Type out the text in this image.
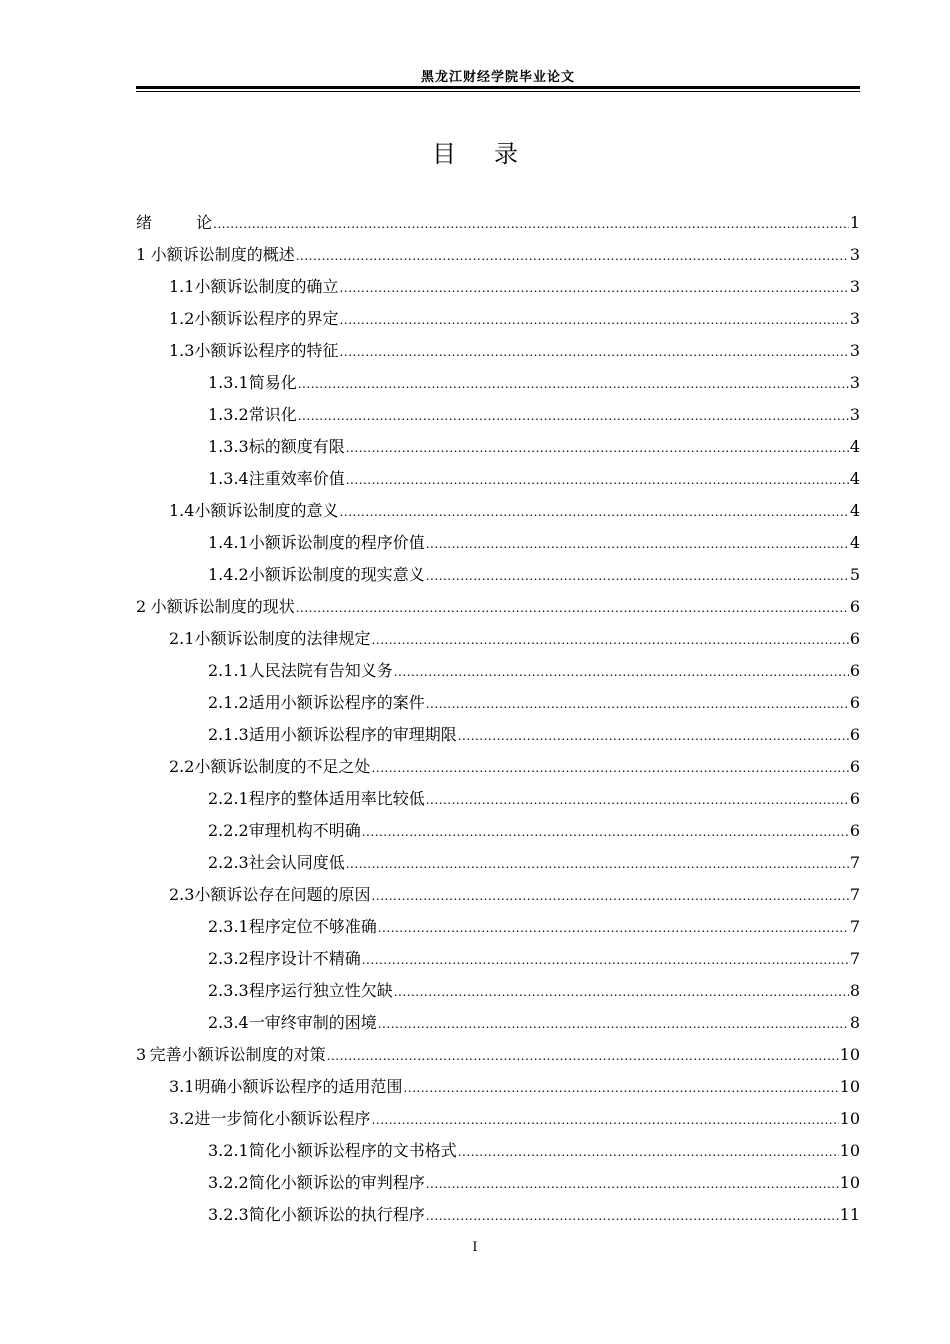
黑龙江财经学院毕业论文
目录
绪	论 .....	1
1 小额诉讼制度的概述 .....	3
1.1 小额诉讼制度的确立 .....	3
1.2 小额诉讼程序的界定 .....	3
1.3 小额诉讼程序的特征 .....	3
1.3.1 简易化 .....	3
1.3.2 常识化 .....	3
1.3.3 标的额度有限 .....	4
1.3.4 注重效率价值 .....	4
1.4 小额诉讼制度的意义 .....	4
1.4.1 小额诉讼制度的程序价值 .....	4
1.4.2 小额诉讼制度的现实意义 .....	5
2 小额诉讼制度的现状 .....	6
2.1 小额诉讼制度的法律规定 .....	6
2.1.1 人民法院有告知义务 .....	6
2.1.2 适用小额诉讼程序的案件 .....	6
2.1.3 适用小额诉讼程序的审理期限 .....	6
2.2 小额诉讼制度的不足之处 .....	6
2.2.1 程序的整体适用率比较低 .....	6
2.2.2 审理机构不明确 .....	6
2.2.3 社会认同度低 .....	7
2.3 小额诉讼存在问题的原因 .....	7
2.3.1 程序定位不够准确 .....	7
2.3.2 程序设计不精确 .....	7
2.3.3 程序运行独立性欠缺 .....	8
2.3.4 一审终审制的困境 .....	8
3 完善小额诉讼制度的对策 .....	10
3.1 明确小额诉讼程序的适用范围 .....	10
3.2 进一步简化小额诉讼程序 .....	10
3.2.1 简化小额诉讼程序的文书格式 .....	10
3.2.2 简化小额诉讼的审判程序 .....	10
3.2.3 简化小额诉讼的执行程序 .....	11
I
